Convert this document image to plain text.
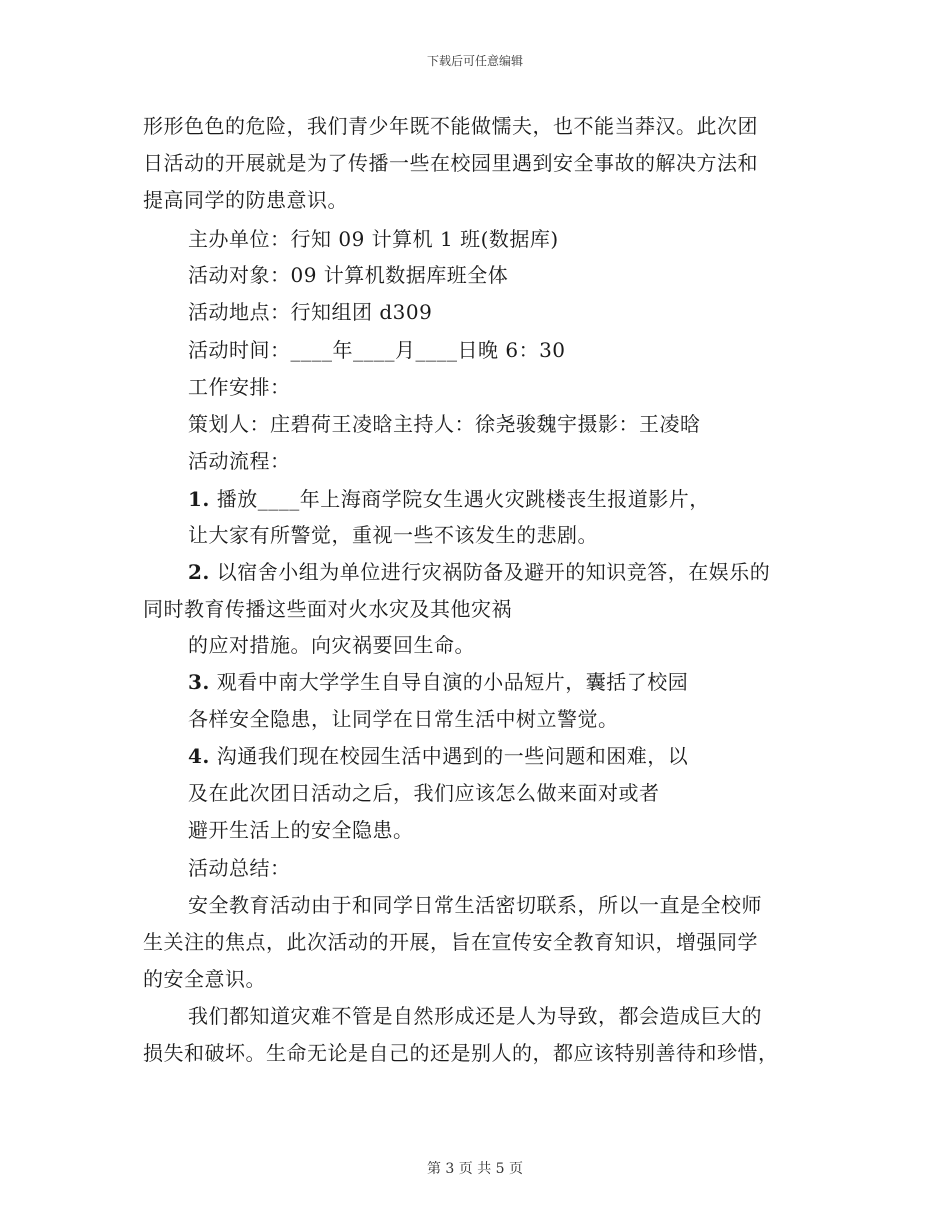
下载后可任意编辑
形形色色的危险，我们青少年既不能做懦夫，也不能当莽汉。此次团
日活动的开展就是为了传播一些在校园里遇到安全事故的解决方法和
提高同学的防患意识。
主办单位：行知 09 计算机 1 班(数据库)
活动对象：09 计算机数据库班全体
活动地点：行知组团 d309
活动时间：____年____月____日晚 6：30
工作安排：
策划人：庄碧荷王凌晗主持人：徐尧骏魏宇摄影：王凌晗
活动流程：
1. 播放____年上海商学院女生遇火灾跳楼丧生报道影片，
让大家有所警觉，重视一些不该发生的悲剧。
2. 以宿舍小组为单位进行灾祸防备及避开的知识竞答，在娱乐的
同时教育传播这些面对火水灾及其他灾祸
的应对措施。向灾祸要回生命。
3. 观看中南大学学生自导自演的小品短片，囊括了校园
各样安全隐患，让同学在日常生活中树立警觉。
4. 沟通我们现在校园生活中遇到的一些问题和困难，以
及在此次团日活动之后，我们应该怎么做来面对或者
避开生活上的安全隐患。
活动总结：
安全教育活动由于和同学日常生活密切联系，所以一直是全校师
生关注的焦点，此次活动的开展，旨在宣传安全教育知识，增强同学
的安全意识。
我们都知道灾难不管是自然形成还是人为导致，都会造成巨大的
损失和破坏。生命无论是自己的还是别人的，都应该特别善待和珍惜，
第 3 页 共 5 页
